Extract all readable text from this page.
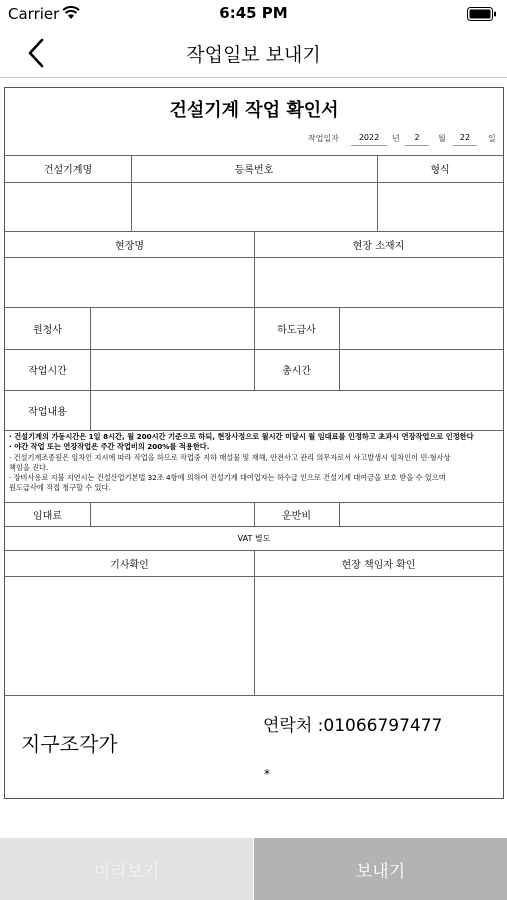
Carrier	6:45 PM
작업일보 보내기
건설기계 작업 확인서
작업일자	2022	년	2	월	22	일
건설기계명	등록번호	형식
현장명	현장 소재지
원청사	하도급사
작업시간	총시간
작업내용
· 건설기계의 가동시간은 1일 8시간, 월 200시간 기준으로 하되, 현장사정으로 월시간 미달시 월 임대료를 인정하고 초과시 연장작업으로 인정한다
· 야간 작업 또는 연장작업은 주간 작업비의 200%를 적용한다.
· 건설기계조종원은 임차인 지시에 따라 작업을 하므로 작업중 지하 매설물 및 재해, 안전사고 관리 의무자로서 사고발생시 임차인이 민·형사상
책임을 진다.
· 장비사용료 지불 지연시는 건설산업기본법 32조 4항에 의하여 건설기계 대여업자는 하수급 인으로 건설기계 대여금을 보호 받을 수 있으며
원도급사에 직접 청구할 수 있다.
임대료	운반비
VAT 별도
기사확인	현장 책임자 확인
지구조각가
연락처 :01066797477
*
미리보기	보내기
